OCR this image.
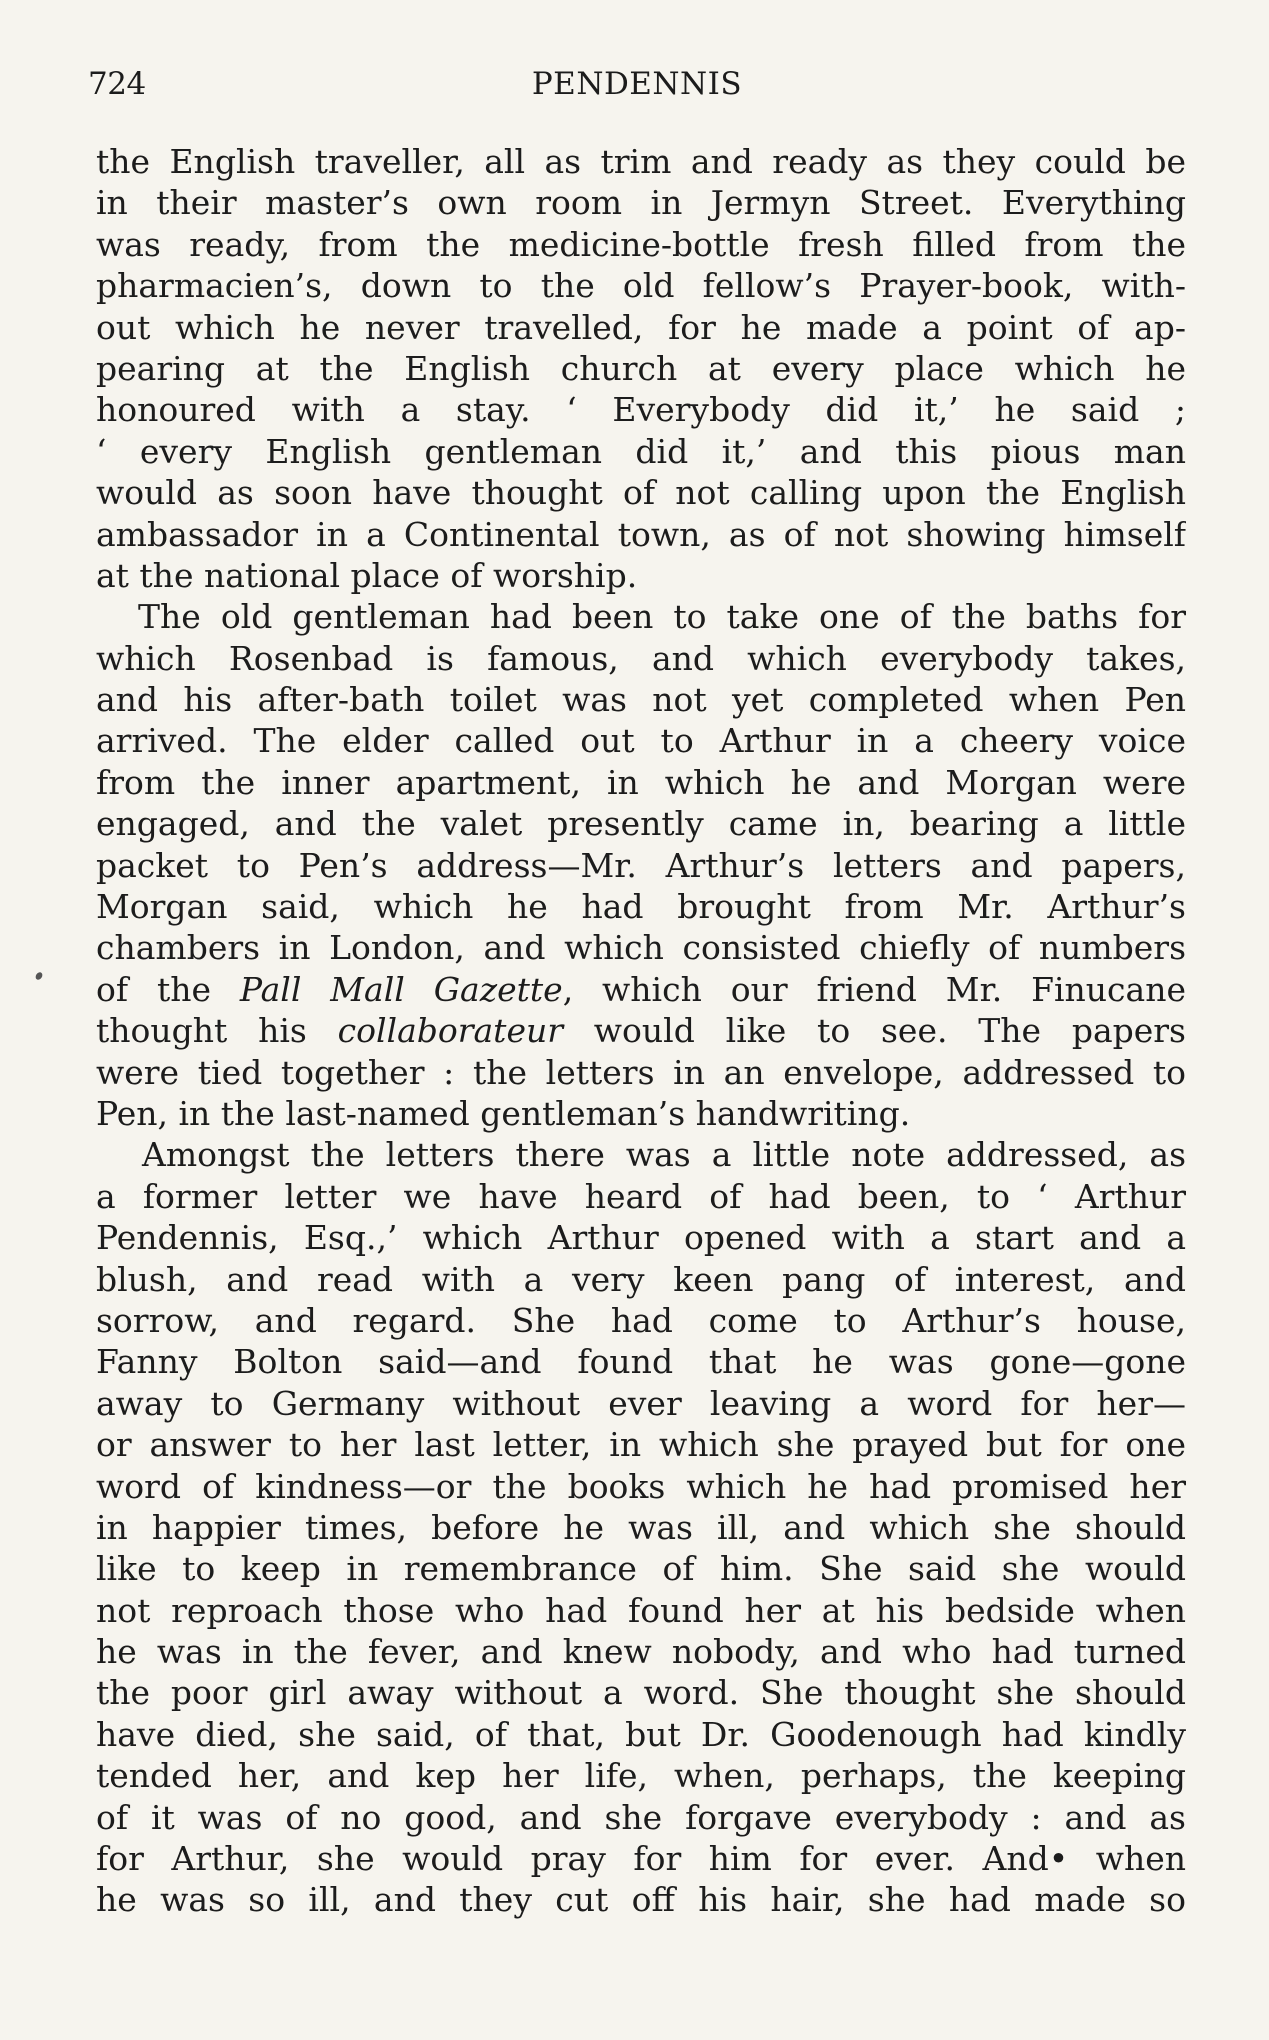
724	PENDENNIS
the English traveller, all as trim and ready as they could be
in their master’s own room in Jermyn Street. Everything
was ready, from the medicine-bottle fresh filled from the
pharmacien’s, down to the old fellow’s Prayer-book, with-
out which he never travelled, for he made a point of ap-
pearing at the English church at every place which he
honoured with a stay. ‘ Everybody did it,’ he said ;
‘ every English gentleman did it,’ and this pious man
would as soon have thought of not calling upon the English
ambassador in a Continental town, as of not showing himself
at the national place of worship.
The old gentleman had been to take one of the baths for
which Rosenbad is famous, and which everybody takes,
and his after-bath toilet was not yet completed when Pen
arrived. The elder called out to Arthur in a cheery voice
from the inner apartment, in which he and Morgan were
engaged, and the valet presently came in, bearing a little
packet to Pen’s address—Mr. Arthur’s letters and papers,
Morgan said, which he had brought from Mr. Arthur’s
chambers in London, and which consisted chiefly of numbers
of the Pall Mall Gazette, which our friend Mr. Finucane
thought his collaborateur would like to see. The papers
were tied together : the letters in an envelope, addressed to
Pen, in the last-named gentleman’s handwriting.
Amongst the letters there was a little note addressed, as
a former letter we have heard of had been, to ‘ Arthur
Pendennis, Esq.,’ which Arthur opened with a start and a
blush, and read with a very keen pang of interest, and
sorrow, and regard. She had come to Arthur’s house,
Fanny Bolton said—and found that he was gone—gone
away to Germany without ever leaving a word for her—
or answer to her last letter, in which she prayed but for one
word of kindness—or the books which he had promised her
in happier times, before he was ill, and which she should
like to keep in remembrance of him. She said she would
not reproach those who had found her at his bedside when
he was in the fever, and knew nobody, and who had turned
the poor girl away without a word. She thought she should
have died, she said, of that, but Dr. Goodenough had kindly
tended her, and kep her life, when, perhaps, the keeping
of it was of no good, and she forgave everybody : and as
for Arthur, she would pray for him for ever. And• when
he was so ill, and they cut off his hair, she had made so
